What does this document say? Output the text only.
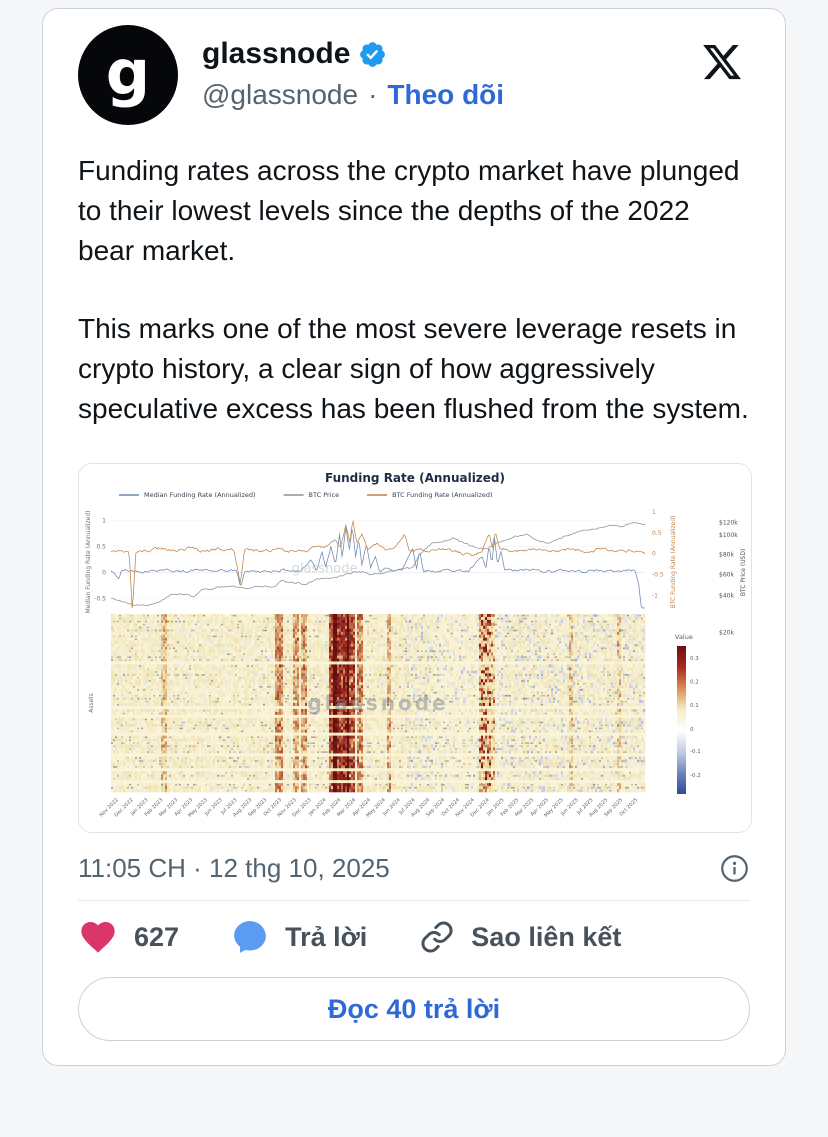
g glassnode
@glassnode · Theo dõi

Funding rates across the crypto market have plunged to their lowest levels since the depths of the 2022 bear market.

This marks one of the most severe leverage resets in crypto history, a clear sign of how aggressively speculative excess has been flushed from the system.

11:05 CH · 12 thg 10, 2025
627	Trả lời	Sao liên kết
Đọc 40 trả lời
